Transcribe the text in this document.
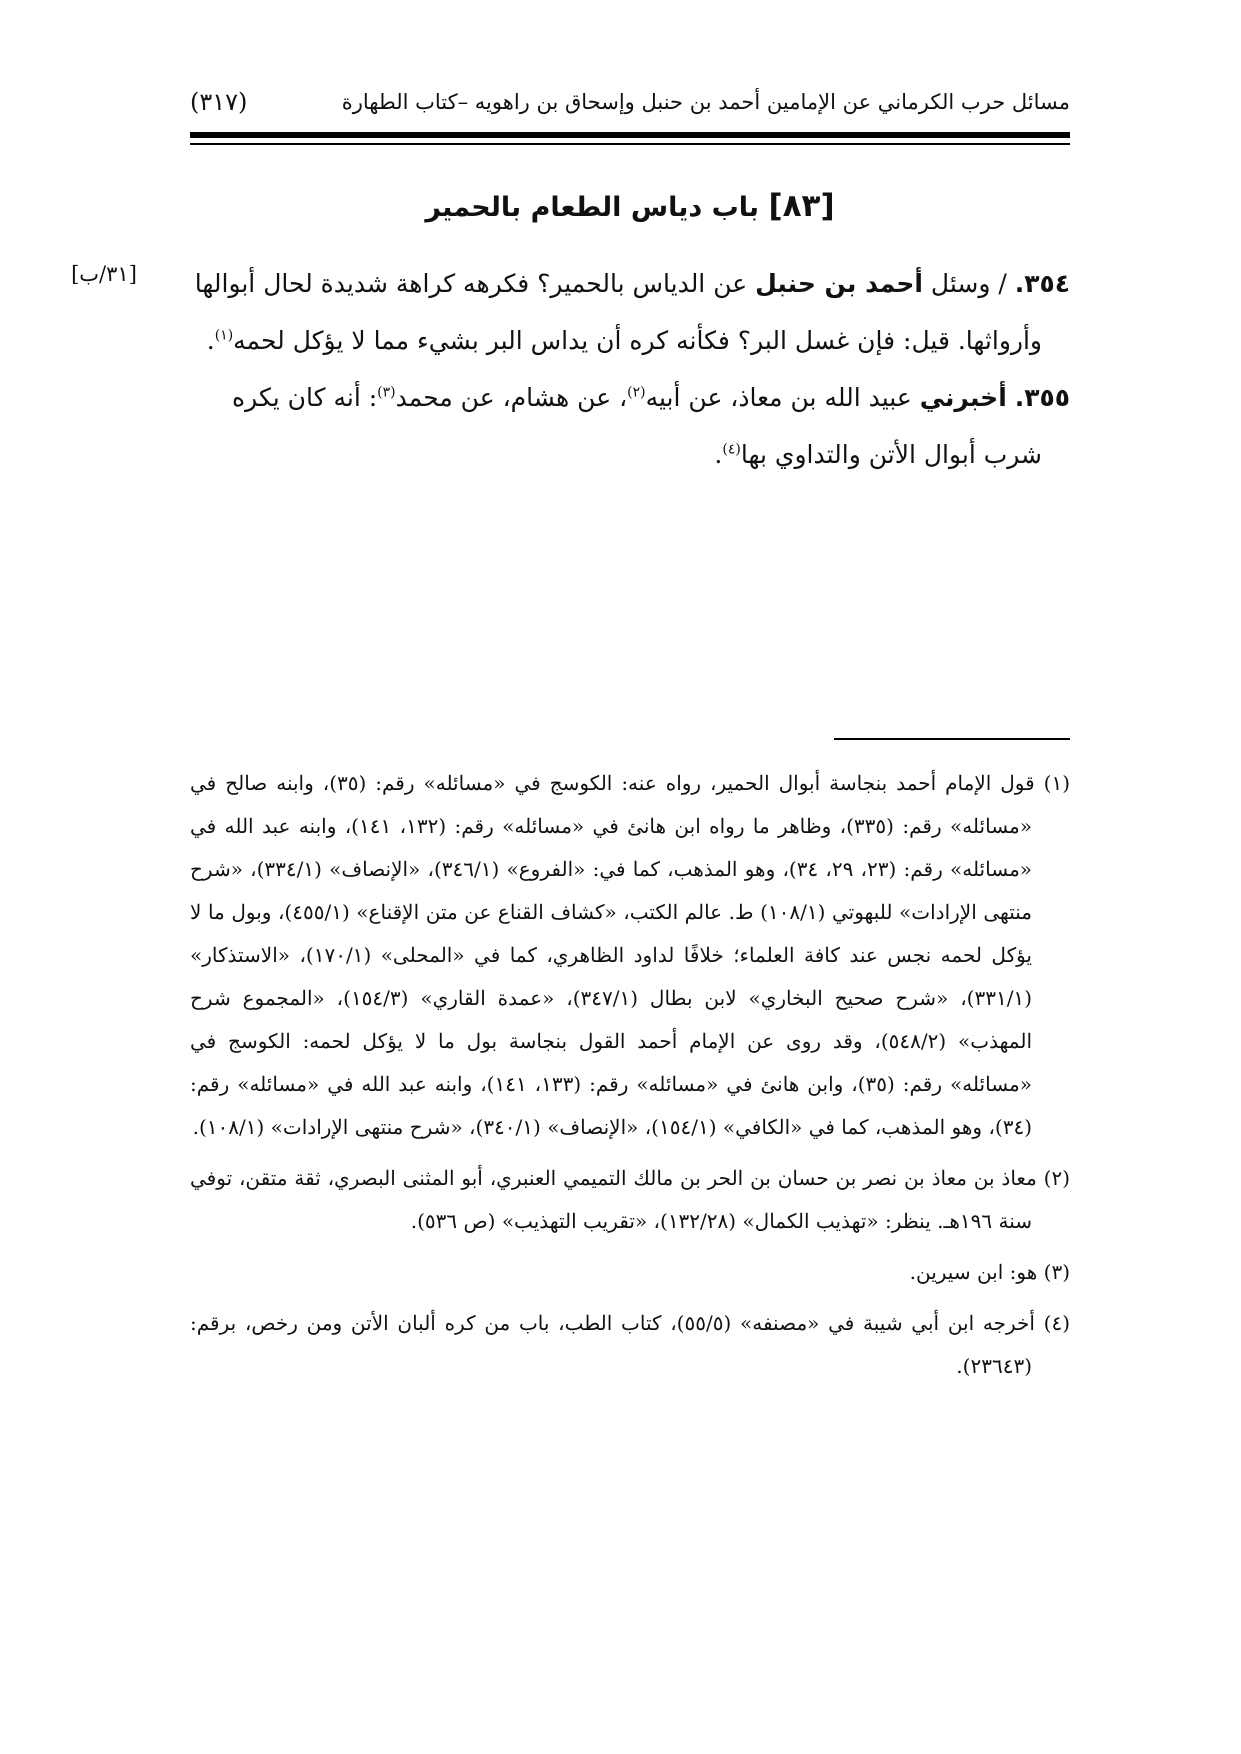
مسائل حرب الكرماني عن الإمامين أحمد بن حنبل وإسحاق بن راهويه –كتاب الطهارة
(٣١٧)
[٨٣] باب دياس الطعام بالحمير
[٣١/ب]	٣٥٤. / وسئل أحمد بن حنبل عن الدياس بالحمير؟ فكرهه كراهة شديدة لحال أبوالها

وأرواثها. قيل: فإن غسل البر؟ فكأنه كره أن يداس البر بشيء مما لا يؤكل لحمه$^{(١)}$.

٣٥٥. أخبرني عبيد الله بن معاذ، عن أبيه$^{(٢)}$، عن هشام، عن محمد$^{(٣)}$: أنه كان يكره

شرب أبوال الأتن والتداوي بها$^{(٤)}$.

(١) قول الإمام أحمد بنجاسة أبوال الحمير، رواه عنه: الكوسج في «مسائله» رقم: (٣٥)، وابنه صالح في «مسائله» رقم: (٣٣٥)، وظاهر ما رواه ابن هانئ في «مسائله» رقم: (١٣٢، ١٤١)، وابنه عبد الله في «مسائله» رقم: (٢٣، ٢٩، ٣٤)، وهو المذهب، كما في: «الفروع» (٣٤٦/١)، «الإنصاف» (٣٣٤/١)، «شرح منتهى الإرادات» للبهوتي (١٠٨/١) ط. عالم الكتب، «كشاف القناع عن متن الإقناع» (٤٥٥/١)، وبول ما لا يؤكل لحمه نجس عند كافة العلماء؛ خلافًا لداود الظاهري، كما في «المحلى» (١٧٠/١)، «الاستذكار» (٣٣١/١)، «شرح صحيح البخاري» لابن بطال (٣٤٧/١)، «عمدة القاري» (١٥٤/٣)، «المجموع شرح المهذب» (٥٤٨/٢)، وقد روى عن الإمام أحمد القول بنجاسة بول ما لا يؤكل لحمه: الكوسج في «مسائله» رقم: (٣٥)، وابن هانئ في «مسائله» رقم: (١٣٣، ١٤١)، وابنه عبد الله في «مسائله» رقم: (٣٤)، وهو المذهب، كما في «الكافي» (١٥٤/١)، «الإنصاف» (٣٤٠/١)، «شرح منتهى الإرادات» (١٠٨/١).

(٢) معاذ بن معاذ بن نصر بن حسان بن الحر بن مالك التميمي العنبري، أبو المثنى البصري، ثقة متقن، توفي سنة ١٩٦هـ. ينظر: «تهذيب الكمال» (١٣٢/٢٨)، «تقريب التهذيب» (ص ٥٣٦).

(٣) هو: ابن سيرين.

(٤) أخرجه ابن أبي شيبة في «مصنفه» (٥٥/٥)، كتاب الطب، باب من كره ألبان الأتن ومن رخص، برقم: (٢٣٦٤٣).
